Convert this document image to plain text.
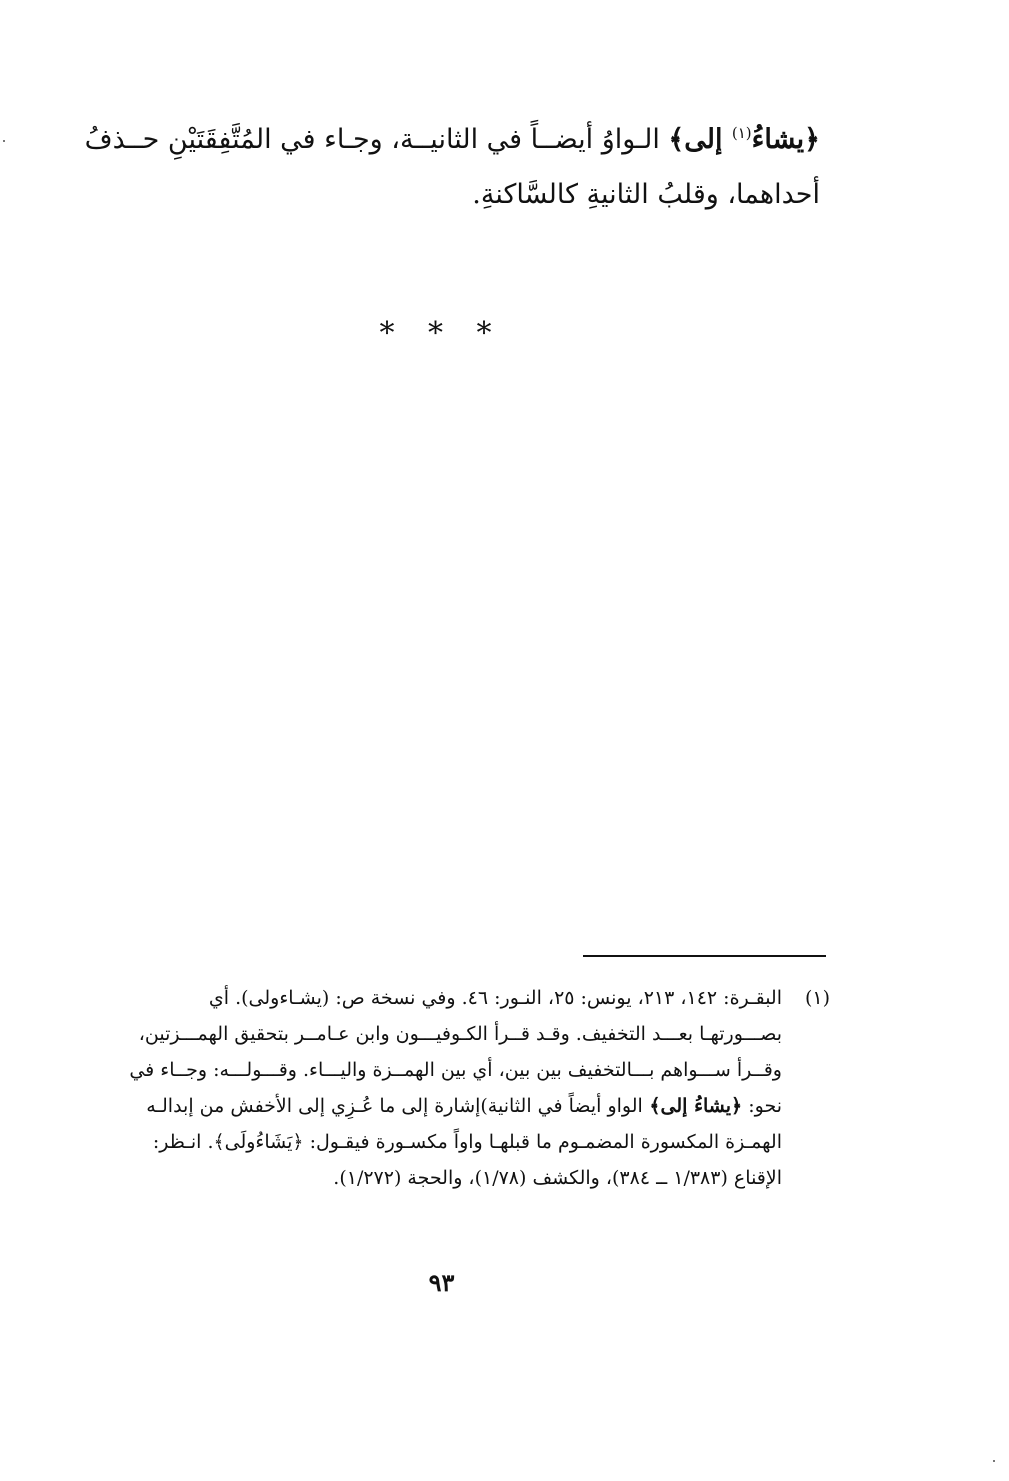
﴿يشاءُ$^{(١)}$ إلى﴾ الـواوُ أيضــاً في الثانيــة، وجـاء في المُتَّفِقَتَيْنِ حــذفُ
أحداهما، وقلبُ الثانيةِ كالسَّاكنةِ.
* * *
(١)
البقـرة: ١٤٢، ٢١٣، يونس: ٢٥، النـور: ٤٦. وفي نسخة ص: (يشـاءولى). أي
بصـــورتهـا بعـــد التخفيف. وقـد قــرأ الكـوفيـــون وابن عـامــر بتحقيق الهمـــزتين،
وقــرأ ســـواهم بـــالتخفيف بين بين، أي بين الهمــزة واليـــاء. وقـــولـــه: وجــاء في
نحو: ﴿يشاءُ إلى﴾ الواو أيضاً في الثانية)إشارة إلى ما عُـزِي إلى الأخفش من إبدالـه
الهمـزة المكسورة المضمـوم ما قبلهـا واواً مكسـورة فيقـول: ﴿يَشَاءُولَى﴾. انـظر:
الإقناع (١/٣٨٣ ــ ٣٨٤)، والكشف (١/٧٨)، والحجة (١/٢٧٢).
٩٣
